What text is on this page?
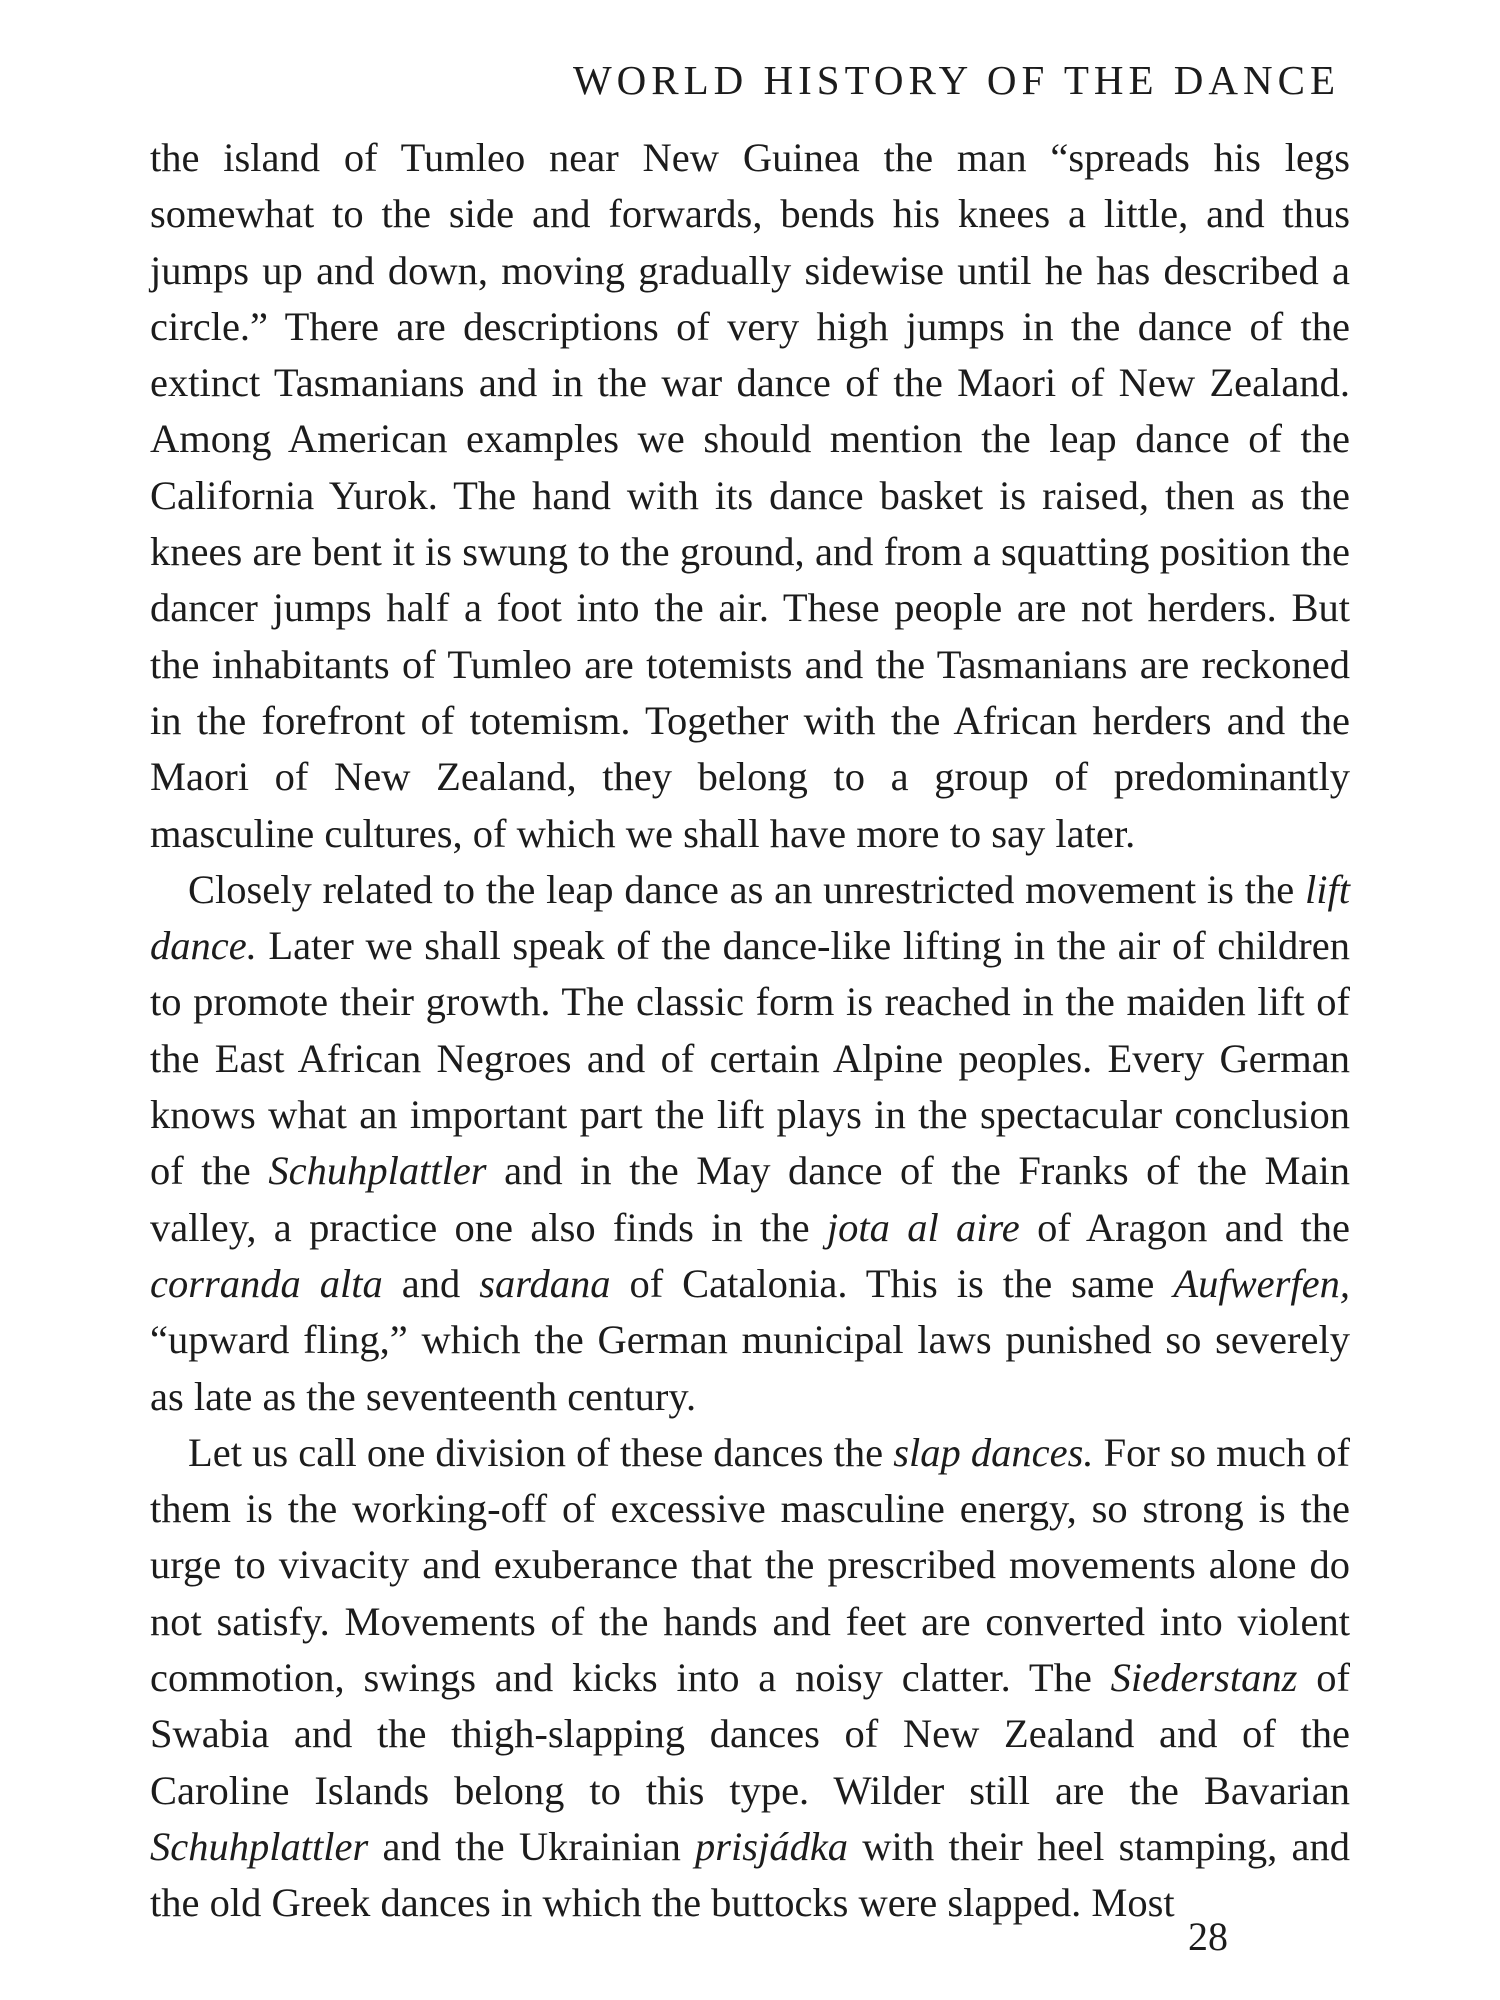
WORLD HISTORY OF THE DANCE

the island of Tumleo near New Guinea the man “spreads his legs somewhat to the side and forwards, bends his knees a little, and thus jumps up and down, moving gradually sidewise until he has described a circle.” There are descriptions of very high jumps in the dance of the extinct Tasmanians and in the war dance of the Maori of New Zealand. Among American examples we should mention the leap dance of the California Yurok. The hand with its dance basket is raised, then as the knees are bent it is swung to the ground, and from a squatting position the dancer jumps half a foot into the air. These people are not herders. But the inhabitants of Tumleo are totemists and the Tasmanians are reckoned in the forefront of totemism. Together with the African herders and the Maori of New Zealand, they belong to a group of predominantly masculine cultures, of which we shall have more to say later.

Closely related to the leap dance as an unrestricted movement is the lift dance. Later we shall speak of the dance-like lifting in the air of children to promote their growth. The classic form is reached in the maiden lift of the East African Negroes and of certain Alpine peoples. Every German knows what an important part the lift plays in the spectacular conclusion of the Schuhplattler and in the May dance of the Franks of the Main valley, a practice one also finds in the jota al aire of Aragon and the corranda alta and sardana of Catalonia. This is the same Aufwerfen, “upward fling,” which the German municipal laws punished so severely as late as the seventeenth century.

Let us call one division of these dances the slap dances. For so much of them is the working-off of excessive masculine energy, so strong is the urge to vivacity and exuberance that the prescribed movements alone do not satisfy. Movements of the hands and feet are converted into violent commotion, swings and kicks into a noisy clatter. The Siederstanz of Swabia and the thigh-slapping dances of New Zealand and of the Caroline Islands belong to this type. Wilder still are the Bavarian Schuhplattler and the Ukrainian prisjádka with their heel stamping, and the old Greek dances in which the buttocks were slapped. Most

28
